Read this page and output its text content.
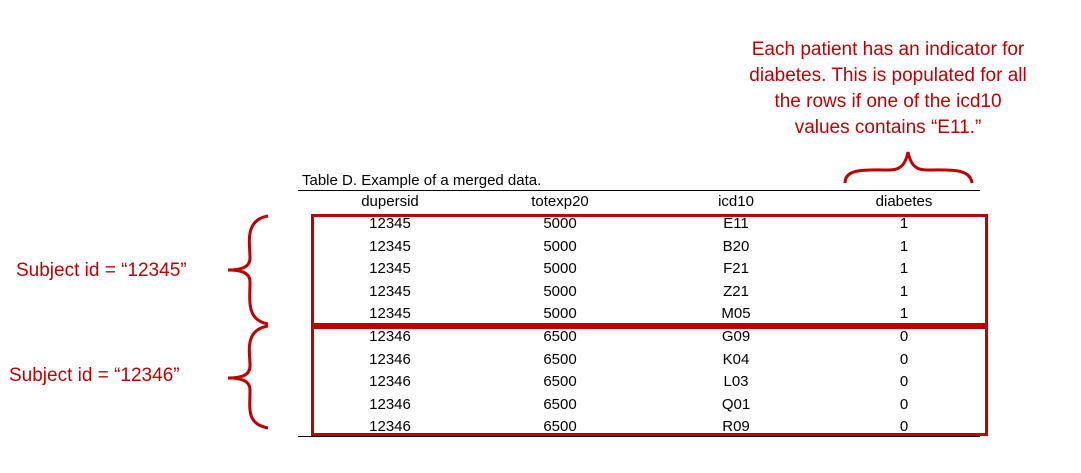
Each patient has an indicator for
diabetes. This is populated for all
the rows if one of the icd10
values contains “E11.”
Table D. Example of a merged data.
dupersid	totexp20	icd10	diabetes
12345	5000	E11	1
12345	5000	B20	1
12345	5000	F21	1
12345	5000	Z21	1
12345	5000	M05	1
12346	6500	G09	0
12346	6500	K04	0
12346	6500	L03	0
12346	6500	Q01	0
12346	6500	R09	0
Subject id = “12345”
Subject id = “12346”
